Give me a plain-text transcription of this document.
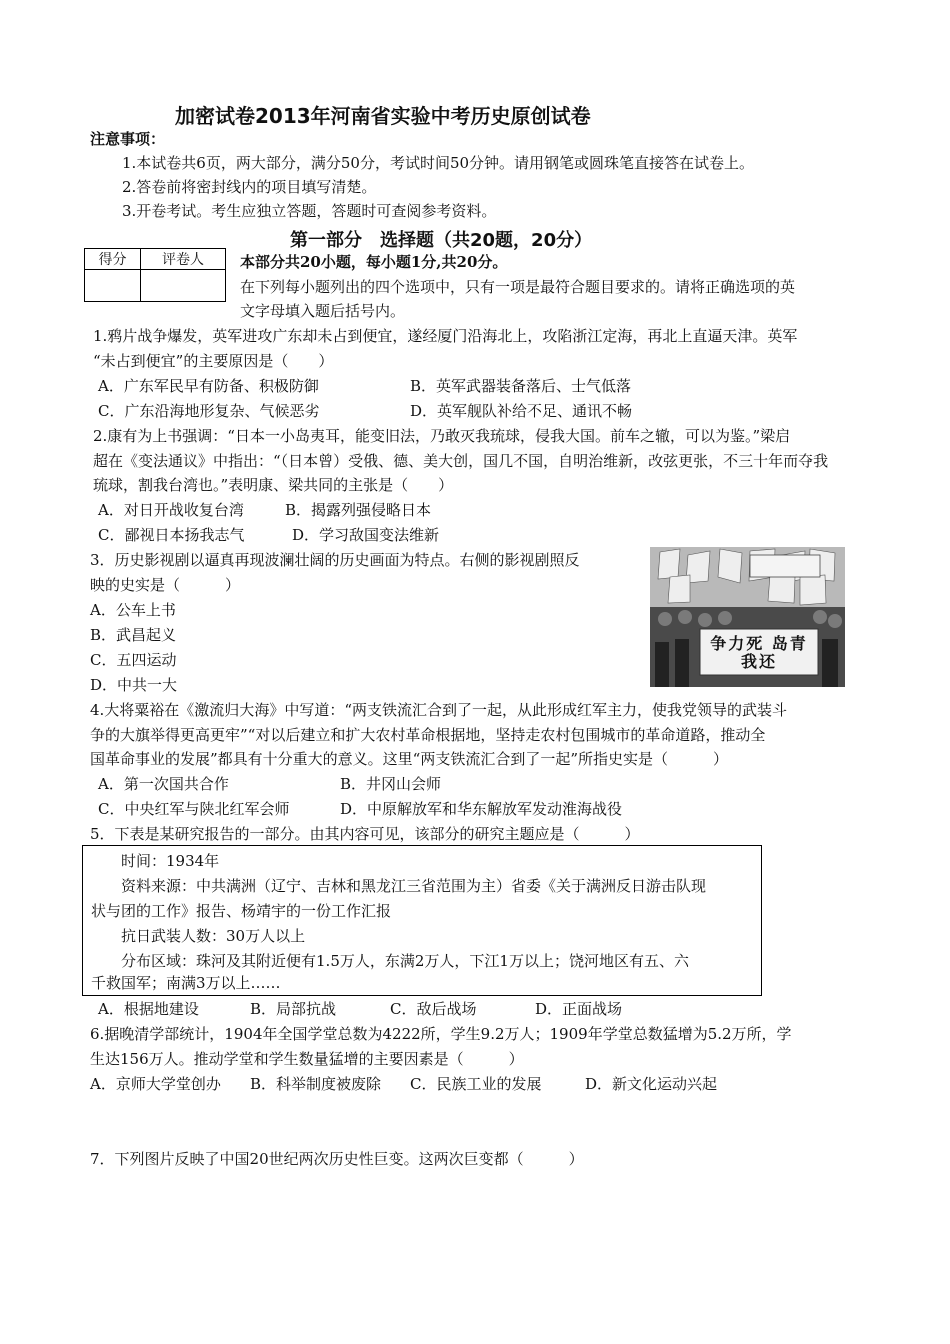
加密试卷2013年河南省实验中考历史原创试卷
注意事项：
1.本试卷共6页，两大部分，满分50分，考试时间50分钟。请用钢笔或圆珠笔直接答在试卷上。
2.答卷前将密封线内的项目填写清楚。
3.开卷考试。考生应独立答题，答题时可查阅参考资料。
第一部分　选择题（共20题，20分）
得分	评卷人
	本部分共20小题，每小题1分,共20分。
在下列每小题列出的四个选项中，只有一项是最符合题目要求的。请将正确选项的英
文字母填入题后括号内。
1.鸦片战争爆发，英军进攻广东却未占到便宜，遂经厦门沿海北上，攻陷浙江定海，再北上直逼天津。英军
“未占到便宜”的主要原因是（　　）
A．广东军民早有防备、积极防御	B．英军武器装备落后、士气低落
C．广东沿海地形复杂、气候恶劣	D．英军舰队补给不足、通讯不畅
2.康有为上书强调：“日本一小岛夷耳，能变旧法，乃敢灭我琉球，侵我大国。前车之辙，可以为鉴。”梁启
超在《变法通议》中指出：“（日本曾）受俄、德、美大创，国几不国，自明治维新，改弦更张，不三十年而夺我
琉球，割我台湾也。”表明康、梁共同的主张是（　　）
A．对日开战收复台湾	B．揭露列强侵略日本
C．鄙视日本扬我志气	D．学习敌国变法维新
3．历史影视剧以逼真再现波澜壮阔的历史画面为特点。右侧的影视剧照反
映的史实是（　　　）
A．公车上书
B．武昌起义
C．五四运动
D．中共一大
争力死 岛青我还
4.大将粟裕在《激流归大海》中写道：“两支铁流汇合到了一起，从此形成红军主力，使我党领导的武装斗
争的大旗举得更高更牢”“对以后建立和扩大农村革命根据地，坚持走农村包围城市的革命道路，推动全
国革命事业的发展”都具有十分重大的意义。这里“两支铁流汇合到了一起”所指史实是（　　　）
A．第一次国共合作	B．井冈山会师
C．中央红军与陕北红军会师	D．中原解放军和华东解放军发动淮海战役
5．下表是某研究报告的一部分。由其内容可见，该部分的研究主题应是（　　　）
时间：1934年
资料来源：中共满洲（辽宁、吉林和黑龙江三省范围为主）省委《关于满洲反日游击队现
状与团的工作》报告、杨靖宇的一份工作汇报
抗日武装人数：30万人以上
分布区域：珠河及其附近便有1.5万人，东满2万人，下江1万以上；饶河地区有五、六
千救国军；南满3万以上……
A．根据地建设	B．局部抗战	C．敌后战场	D．正面战场
6.据晚清学部统计，1904年全国学堂总数为4222所，学生9.2万人；1909年学堂总数猛增为5.2万所，学
生达156万人。推动学堂和学生数量猛增的主要因素是（　　　）
A．京师大学堂创办 B．科举制度被废除 C．民族工业的发展	D．新文化运动兴起
7．下列图片反映了中国20世纪两次历史性巨变。这两次巨变都（　　　）
